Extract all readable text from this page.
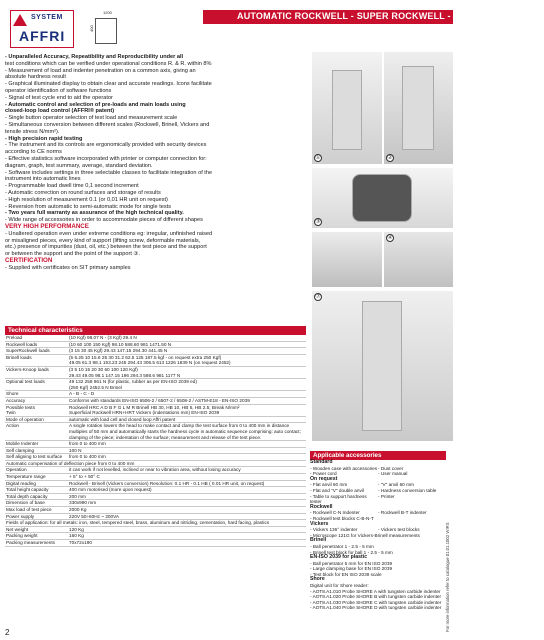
SYSTEM
AFFRI	400
1200	AUTOMATIC ROCKWELL - SUPER ROCKWELL - BRINELL - VICKERS

- Unparalleled Accuracy, Repeatibility and Reproducibility under all

test conditions which can be verified under operational conditions R. & R. within 8%

- Measurement of load and indenter penetration on a common axis, giving an

absolute hardness result

- Graphical illuminated display to obtain clear and accurate readings. Icons facilitate

operator identification of software functions

- Signal of test cycle end to aid the operator

- Automatic control and selection of pre-loads and main loads using

closed-loop load control (AFFRI® patent)

- Single button operator selection of test load and measurement scale

- Simultaneous conversion between different scales (Rockwell, Brinell, Vickers and

tensile stress N/mm²).

- High precision rapid testing

- The instrument and its controls are ergonomically provided with security devices

according to CE norms

- Effective statistics software incorporated with printer or computer connection for:

diagram, graph, test summary, average, standard deviation.

- Software includes settings in three selectable classes to facilitate integration of the

instrument into automatic lines

- Programmable load dwell time 0,1 second increment

- Automatic correction on round surfaces and storage of results

- High resolution of measurement 0.1 (or 0,01 HR unit on request)

- Reversion from automatic to semi-automatic mode for single tests

- Two years full warranty as assurance of the high technical quality.

- Wide range of accessories in order to accommodate pieces of different shapes

VERY HIGH PERFORMANCE

- Unaltered operation even under extreme conditions eg: irregular, unfinished raised

or misaligned pieces, every kind of support (lifting screw, deformable materials,

etc.) presence of impurities (dust, oil, etc.) between the test piece and the support

or between the support and the point of the support ③.

CERTIFICATION

- Supplied with certificates on SIT primary samples

①	②
③
④
⑦
Technical characteristics
Preload	(10 Kgf) 98.07 N - (3 Kgf) 29.4 N
Rockwell loads	(10 60 100 150 Kgf) 98.10 588.60 981 1471.50 N
SuperRockwell loads	(3 15 30 45 Kgf) 29.43 147.15 294.30 441.45 N
Brinell loads	(5 6.25 10 15.6 25 30 31.2 62.5 125 187.5 kgf - on request extra 250 Kgf)
49.05 61.3 98.1 153.23 245 294.43 306.5 613 1226 1839 N (on request 2452)
Vickers-Knoop loads	(3 5 10 15 20 30 60 100 120 Kgf)
29.43 49.05 98.1 147.15 196 294.3 588.6 981 1177 N
Optional test loads	49 132 258 961 N (for plastic, rubber as per EN-ISO 2039 ed)
(250 Kgf) 2452.5 N Brinel
Shore	A - B - C - D
Accuracy	Conforms with standards EN-ISO 6506-2 / 6507-2 / 6508-2 / ASTM-E18 - EN-ISO 2039
Possible tests
Twin	Rockwell HRC A D B F G L M R Brinell HB 30, HB 10, HB 5, HB 2.5; Break N/mm²
Superficial Rockwell HRN+HRT Vickers (indentations mm) EN-ISO 2039
Mode of operation	automatic with load cell and closed loop Affri patent
Action	A single rotation lowers the head to make contact and clamp the test surface from 0 to 400 mm in distance
multiples of 50 mm and automatically starts the hardness cycle in automatic sequence comprising: auto contact;
clamping of the piece; indentation of the surface; measurement and release of the test piece.
Mobile Indenter	from 0 to 400 mm
Self clamping	100 N
Self aligning to test surface	from 0 to 400 mm
Automatic compensation of deflection piece from 0 to 400 mm	
Operation	it can work if not levelled, inclined or near to vibration area, without losing accuracy
Temperature range	+ 5° to + 50° C
Digital reading	Rockwell - Brinell (Vickers conversion) Resolution: 0.1 HR - 0.1 HB ( 0.01 HR unit, on request)
Total height capacity	400 mm motorised (more upon request)
Total depth capacity	200 mm
Dimension of base	330x990 mm
Max load of test piece	2000 Kg
Power supply	220V 50÷60Hz ~ 200VA
Fields of application: for all metals: iron, steel, tempered steel, brass, aluminum and nitriding, cementation, hard facing, plastics	
Net weight	120 Kg
Packing weight	160 Kg
Packing measurements	70x72x190
Applicable accessories
Standard
- Wooden case with accessories - Dust cover
- Power cord	- User manual
On request
- Flat anvil 60 mm	- "V" anvil 60 mm
- Flat and "V" double anvil	- Hardness conversion table
- Table to support hardness tester
- Printer
Rockwell
- Rockwell C-N Indenter	- Rockwell B-T indenter
- Rockwell test blocks C-B-N-T
Vickers
- Vickers 136° indenter	- Vickers test blocks
- Microscope 121G for Vickers-Brinell measurements
Brinell
- Ball penetrator 1 - 2.5 - 5 mm
- Brinell test block for ball 1 - 2.5 - 5 mm
EN-ISO 2039 for plastic
- Ball penetrator 5 mm for EN ISO 2039
- Large clamping base for EN ISO 2039
- Test block for EN ISO 2039 scale
Shore
Digital unit for Shore reader:
- AOT8.A1.010 Probe SHORE A with tungsten carbide indenter
- AOT8.A1.020 Probe SHORE B with tungsten carbide indenter
- AOT8.A1.030 Probe SHORE C with tungsten carbide indenter
- AOT8.A1.040 Probe SHORE D with tungsten carbide indenter For more information refer to catalogue 01.01.1002 WIRS
2
